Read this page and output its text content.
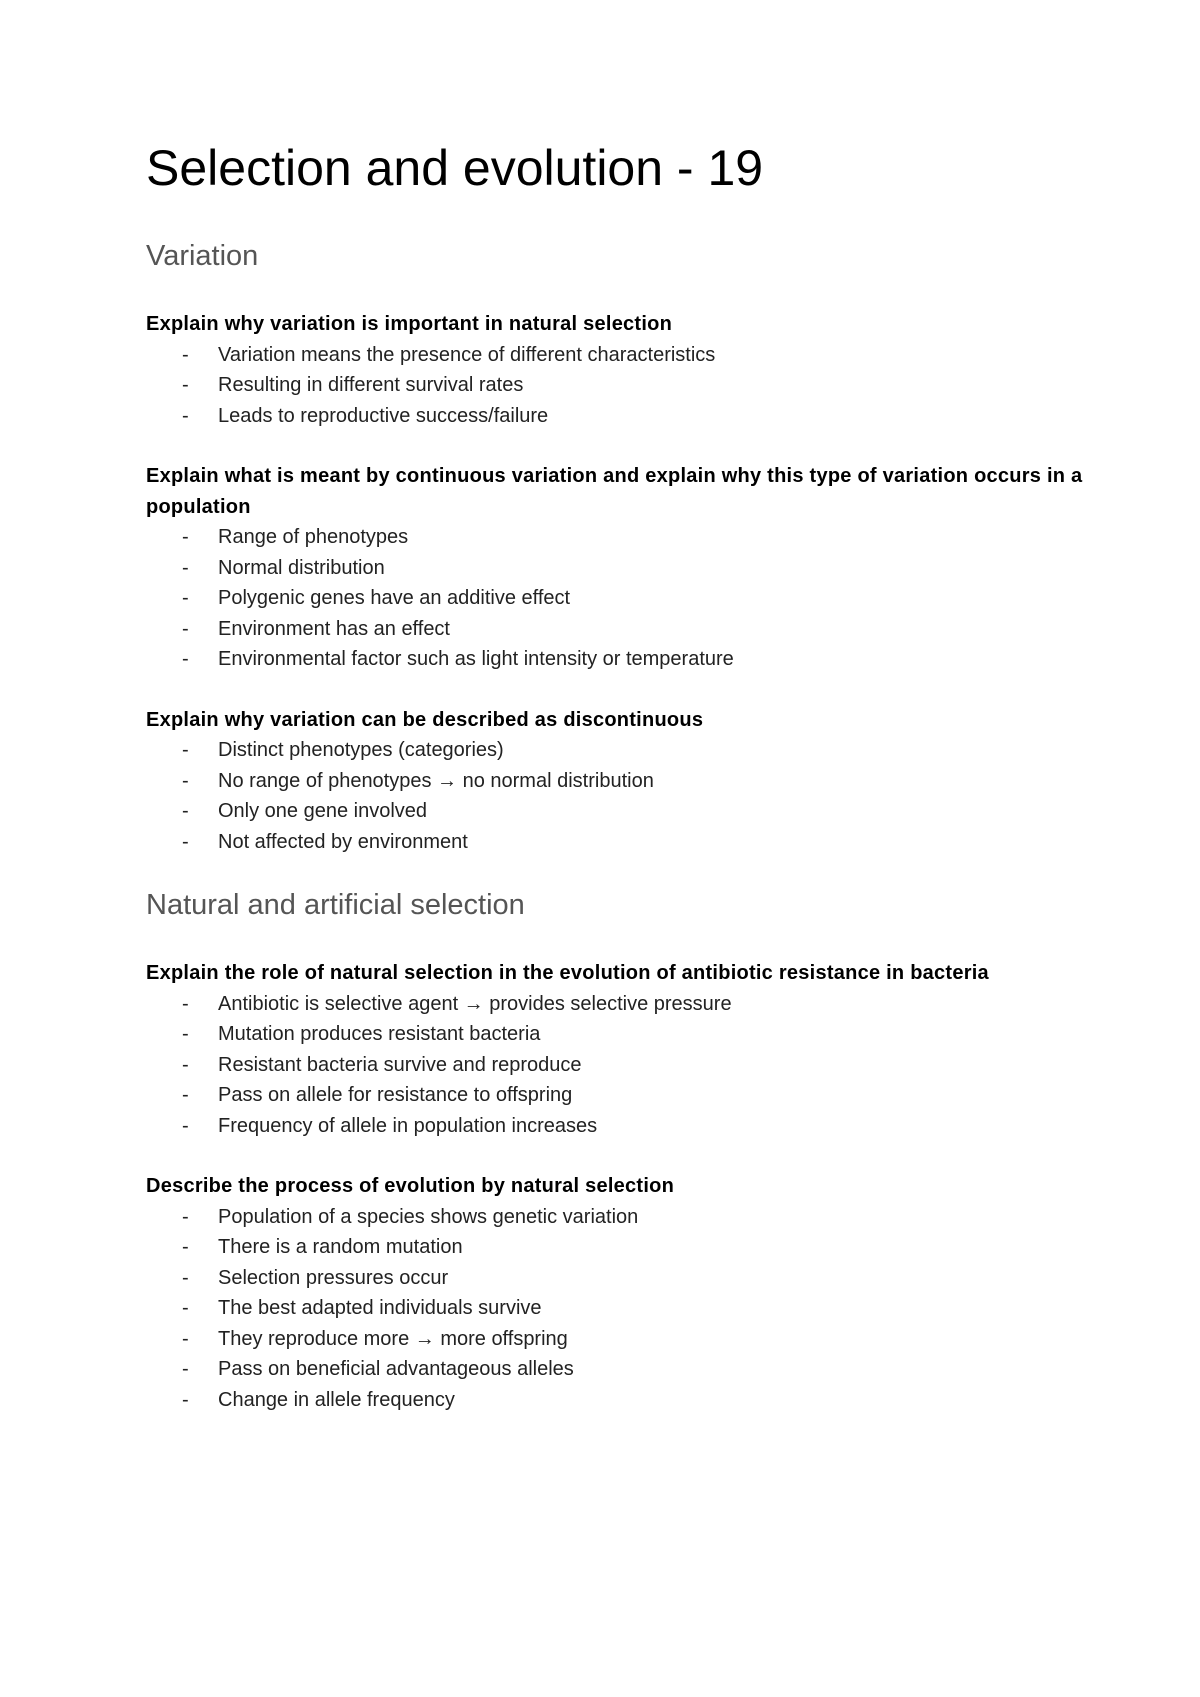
Selection and evolution - 19
Variation

Explain why variation is important in natural selection

-	Variation means the presence of different characteristics
-	Resulting in different survival rates
-	Leads to reproductive success/failure

Explain what is meant by continuous variation and explain why this type of variation occurs in a population

-	Range of phenotypes
-	Normal distribution
-	Polygenic genes have an additive effect
-	Environment has an effect
-	Environmental factor such as light intensity or temperature

Explain why variation can be described as discontinuous

-	Distinct phenotypes (categories)
-	No range of phenotypes → no normal distribution
-	Only one gene involved
-	Not affected by environment
Natural and artificial selection

Explain the role of natural selection in the evolution of antibiotic resistance in bacteria

-	Antibiotic is selective agent → provides selective pressure
-	Mutation produces resistant bacteria
-	Resistant bacteria survive and reproduce
-	Pass on allele for resistance to offspring
-	Frequency of allele in population increases

Describe the process of evolution by natural selection

-	Population of a species shows genetic variation
-	There is a random mutation
-	Selection pressures occur
-	The best adapted individuals survive
-	They reproduce more → more offspring
-	Pass on beneficial advantageous alleles
-	Change in allele frequency
